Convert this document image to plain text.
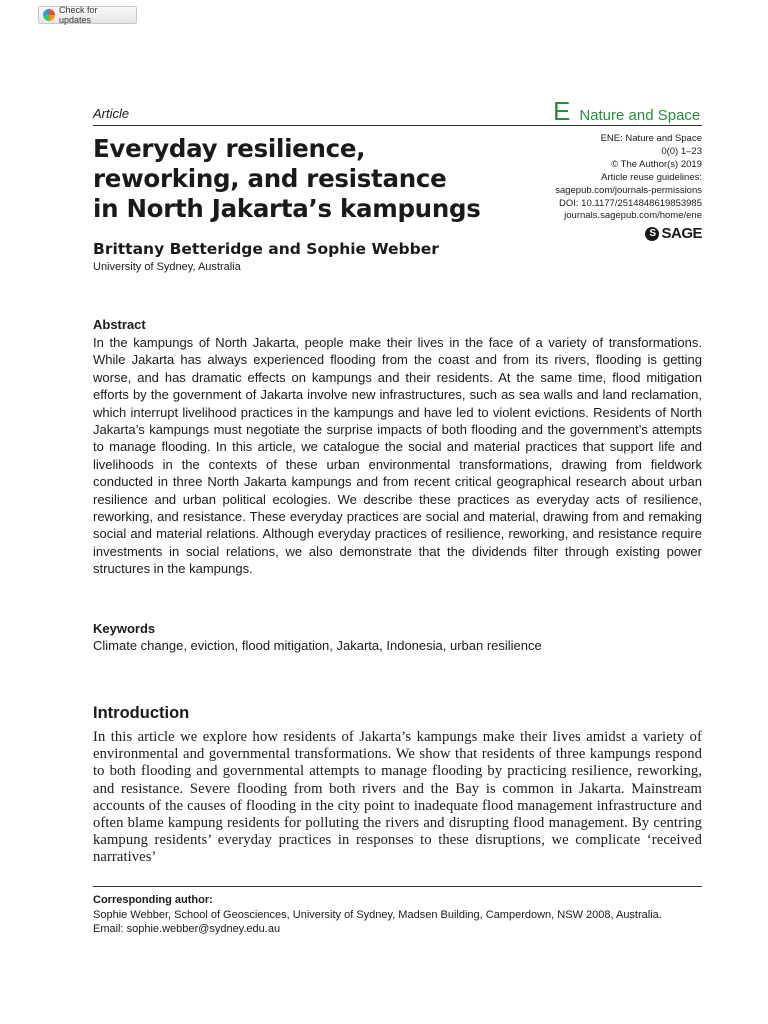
Check for updates
Article	E Nature and Space
Everyday resilience,
reworking, and resistance
in North Jakarta’s kampungs
ENE: Nature and Space
0(0) 1–23
© The Author(s) 2019
Article reuse guidelines:
sagepub.com/journals-permissions
DOI: 10.1177/2514848619853985
journals.sagepub.com/home/ene
S SAGE
Brittany Betteridge and Sophie Webber
University of Sydney, Australia
Abstract

In the kampungs of North Jakarta, people make their lives in the face of a variety of transformations. While Jakarta has always experienced flooding from the coast and from its rivers, flooding is getting worse, and has dramatic effects on kampungs and their residents. At the same time, flood mitigation efforts by the government of Jakarta involve new infrastructures, such as sea walls and land reclamation, which interrupt livelihood practices in the kampungs and have led to violent evictions. Residents of North Jakarta’s kampungs must negotiate the surprise impacts of both flooding and the government’s attempts to manage flooding. In this article, we catalogue the social and material practices that support life and livelihoods in the contexts of these urban environmental transformations, drawing from fieldwork conducted in three North Jakarta kampungs and from recent critical geographical research about urban resilience and urban political ecologies. We describe these practices as everyday acts of resilience, reworking, and resistance. These everyday practices are social and material, drawing from and remaking social and material relations. Although everyday practices of resilience, reworking, and resistance require investments in social relations, we also demonstrate that the dividends filter through existing power structures in the kampungs.

Keywords
Climate change, eviction, flood mitigation, Jakarta, Indonesia, urban resilience
Introduction

In this article we explore how residents of Jakarta’s kampungs make their lives amidst a variety of environmental and governmental transformations. We show that residents of three kampungs respond to both flooding and governmental attempts to manage flooding by practicing resilience, reworking, and resistance. Severe flooding from both rivers and the Bay is common in Jakarta. Mainstream accounts of the causes of flooding in the city point to inadequate flood management infrastructure and often blame kampung residents for polluting the rivers and disrupting flood management. By centring kampung residents’ everyday practices in responses to these disruptions, we complicate ‘received narratives’

Corresponding author:
Sophie Webber, School of Geosciences, University of Sydney, Madsen Building, Camperdown, NSW 2008, Australia.
Email: sophie.webber@sydney.edu.au
